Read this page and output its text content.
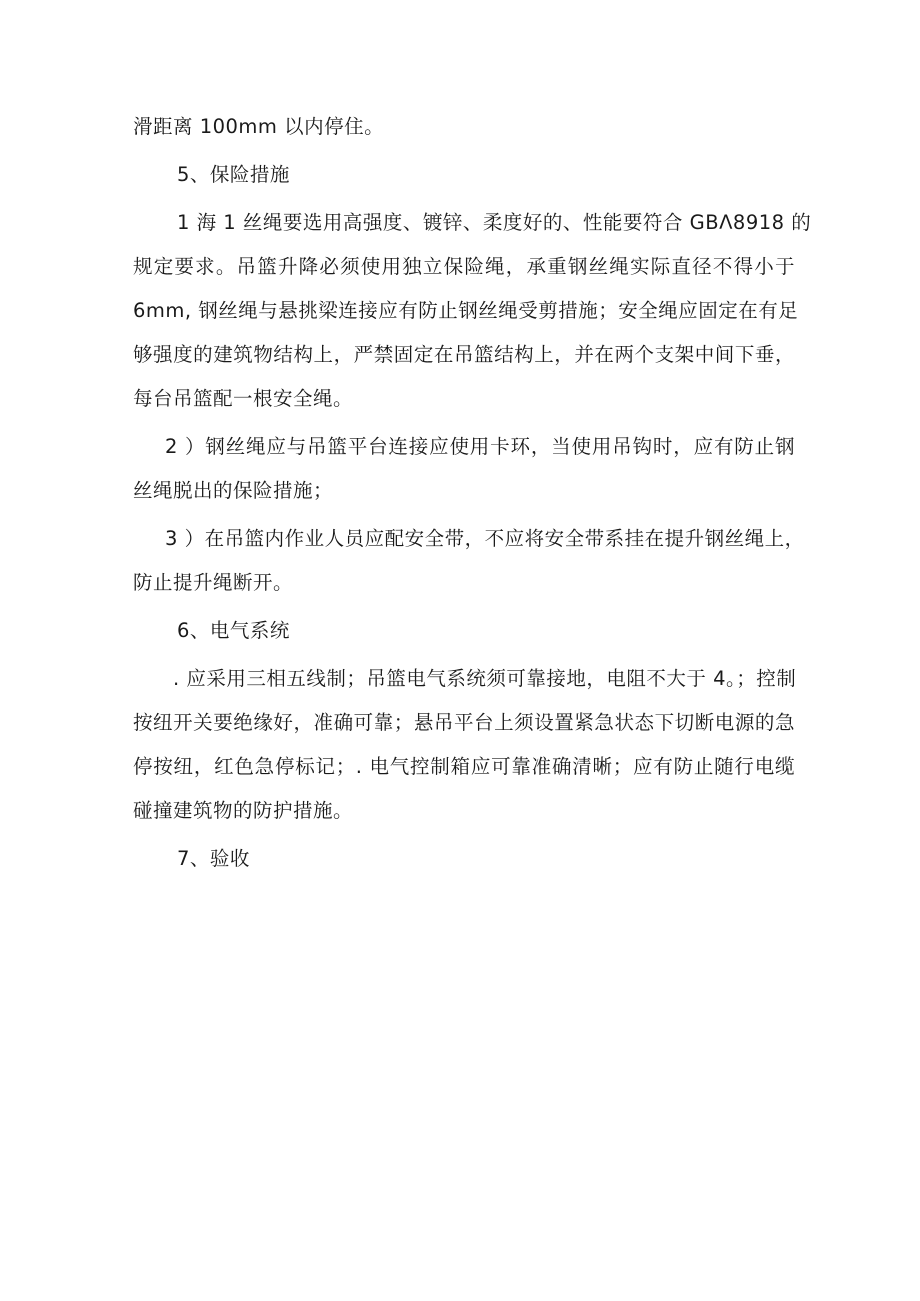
滑距离 100mm 以内停住。
5、保险措施
1 海 1 丝绳要选用高强度、镀锌、柔度好的、性能要符合 GBΛ8918 的
规定要求。吊篮升降必须使用独立保险绳，承重钢丝绳实际直径不得小于
6mm, 钢丝绳与悬挑梁连接应有防止钢丝绳受剪措施；安全绳应固定在有足
够强度的建筑物结构上，严禁固定在吊篮结构上，并在两个支架中间下垂，
每台吊篮配一根安全绳。
2 ）钢丝绳应与吊篮平台连接应使用卡环，当使用吊钩时，应有防止钢
丝绳脱出的保险措施；
3 ）在吊篮内作业人员应配安全带，不应将安全带系挂在提升钢丝绳上，
防止提升绳断开。
6、电气系统
. 应采用三相五线制；吊篮电气系统须可靠接地，电阻不大于 4。；控制
按纽开关要绝缘好，准确可靠；悬吊平台上须设置紧急状态下切断电源的急
停按纽，红色急停标记；. 电气控制箱应可靠准确清晰；应有防止随行电缆
碰撞建筑物的防护措施。
7、验收
